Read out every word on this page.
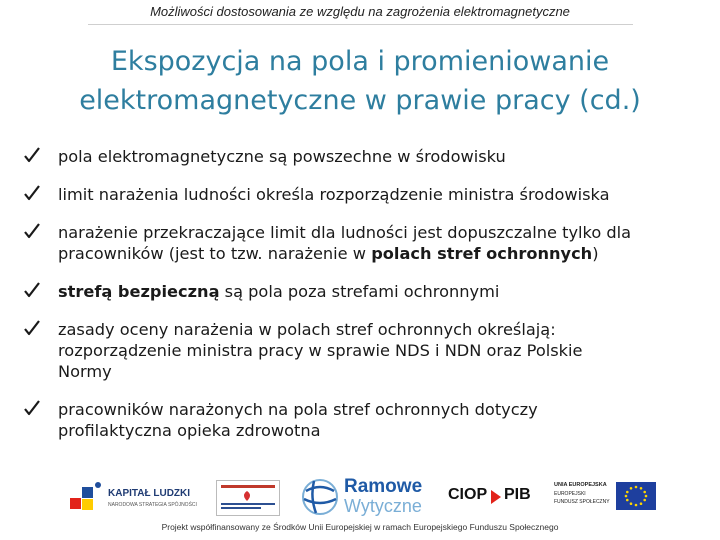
Możliwości dostosowania ze względu na zagrożenia elektromagnetyczne
Ekspozycja na pola i promieniowanie
elektromagnetyczne w prawie pracy (cd.)
pola elektromagnetyczne są powszechne w środowisku
limit narażenia ludności określa rozporządzenie ministra środowiska
narażenie przekraczające limit dla ludności jest dopuszczalne tylko dla
pracowników (jest to tzw. narażenie w polach stref ochronnych)
strefą bezpieczną są pola poza strefami ochronnymi
zasady oceny narażenia w polach stref ochronnych określają:
rozporządzenie ministra pracy w sprawie NDS i NDN oraz Polskie
Normy
pracowników narażonych na pola stref ochronnych dotyczy
profilaktyczna opieka zdrowotna
KAPITAŁ LUDZKI
NARODOWA STRATEGIA SPÓJNOŚCI
Ramowe
Wytyczne
CIOP PIB
UNIA EUROPEJSKA
EUROPEJSKI
FUNDUSZ SPOŁECZNY
Projekt współfinansowany ze Środków Unii Europejskiej w ramach Europejskiego Funduszu Społecznego
